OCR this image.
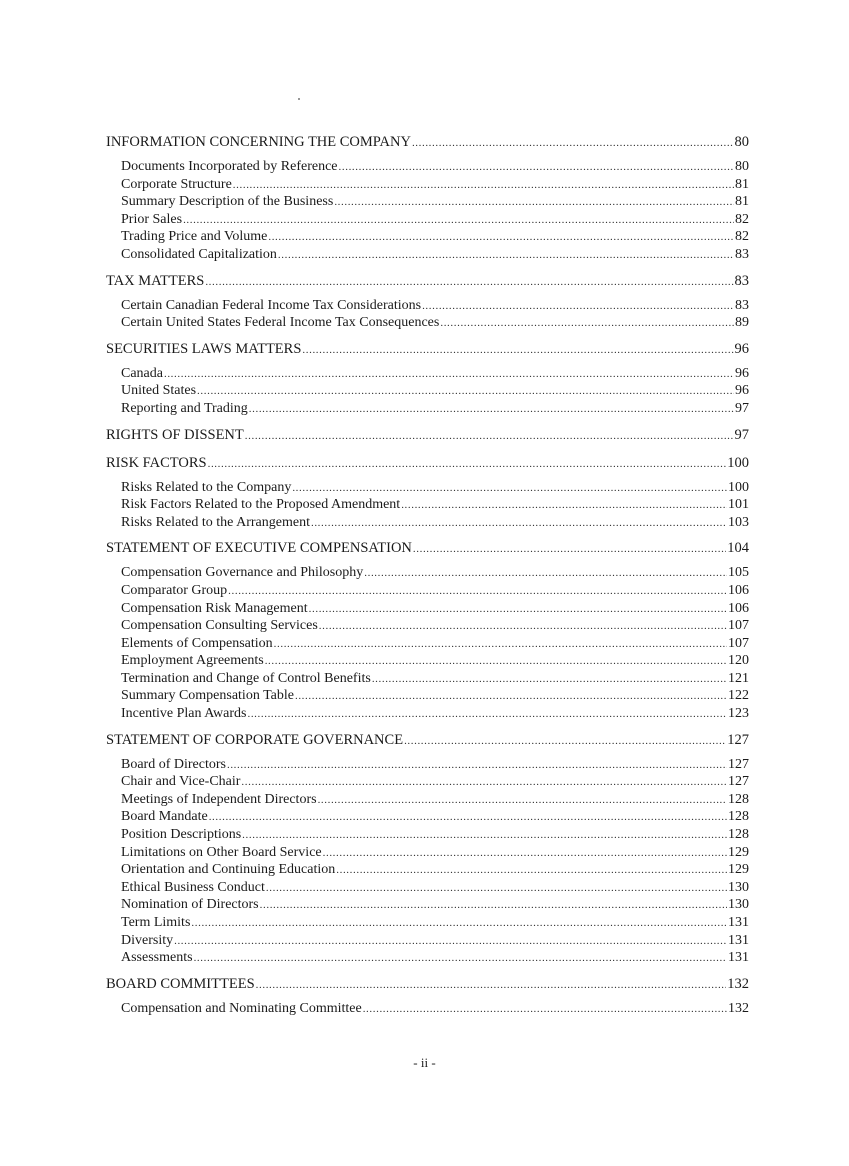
INFORMATION CONCERNING THE COMPANY .....	80
Documents Incorporated by Reference .....	80
Corporate Structure .....	81
Summary Description of the Business .....	81
Prior Sales .....	82
Trading Price and Volume .....	82
Consolidated Capitalization .....	83
TAX MATTERS .....	83
Certain Canadian Federal Income Tax Considerations .....	83
Certain United States Federal Income Tax Consequences .....	89
SECURITIES LAWS MATTERS .....	96
Canada .....	96
United States .....	96
Reporting and Trading .....	97
RIGHTS OF DISSENT .....	97
RISK FACTORS .....	100
Risks Related to the Company .....	100
Risk Factors Related to the Proposed Amendment .....	101
Risks Related to the Arrangement .....	103
STATEMENT OF EXECUTIVE COMPENSATION .....	104
Compensation Governance and Philosophy .....	105
Comparator Group .....	106
Compensation Risk Management .....	106
Compensation Consulting Services .....	107
Elements of Compensation .....	107
Employment Agreements .....	120
Termination and Change of Control Benefits .....	121
Summary Compensation Table .....	122
Incentive Plan Awards .....	123
STATEMENT OF CORPORATE GOVERNANCE .....	127
Board of Directors .....	127
Chair and Vice-Chair .....	127
Meetings of Independent Directors .....	128
Board Mandate .....	128
Position Descriptions .....	128
Limitations on Other Board Service .....	129
Orientation and Continuing Education .....	129
Ethical Business Conduct .....	130
Nomination of Directors .....	130
Term Limits .....	131
Diversity .....	131
Assessments .....	131
BOARD COMMITTEES .....	132
Compensation and Nominating Committee .....	132
- ii -
